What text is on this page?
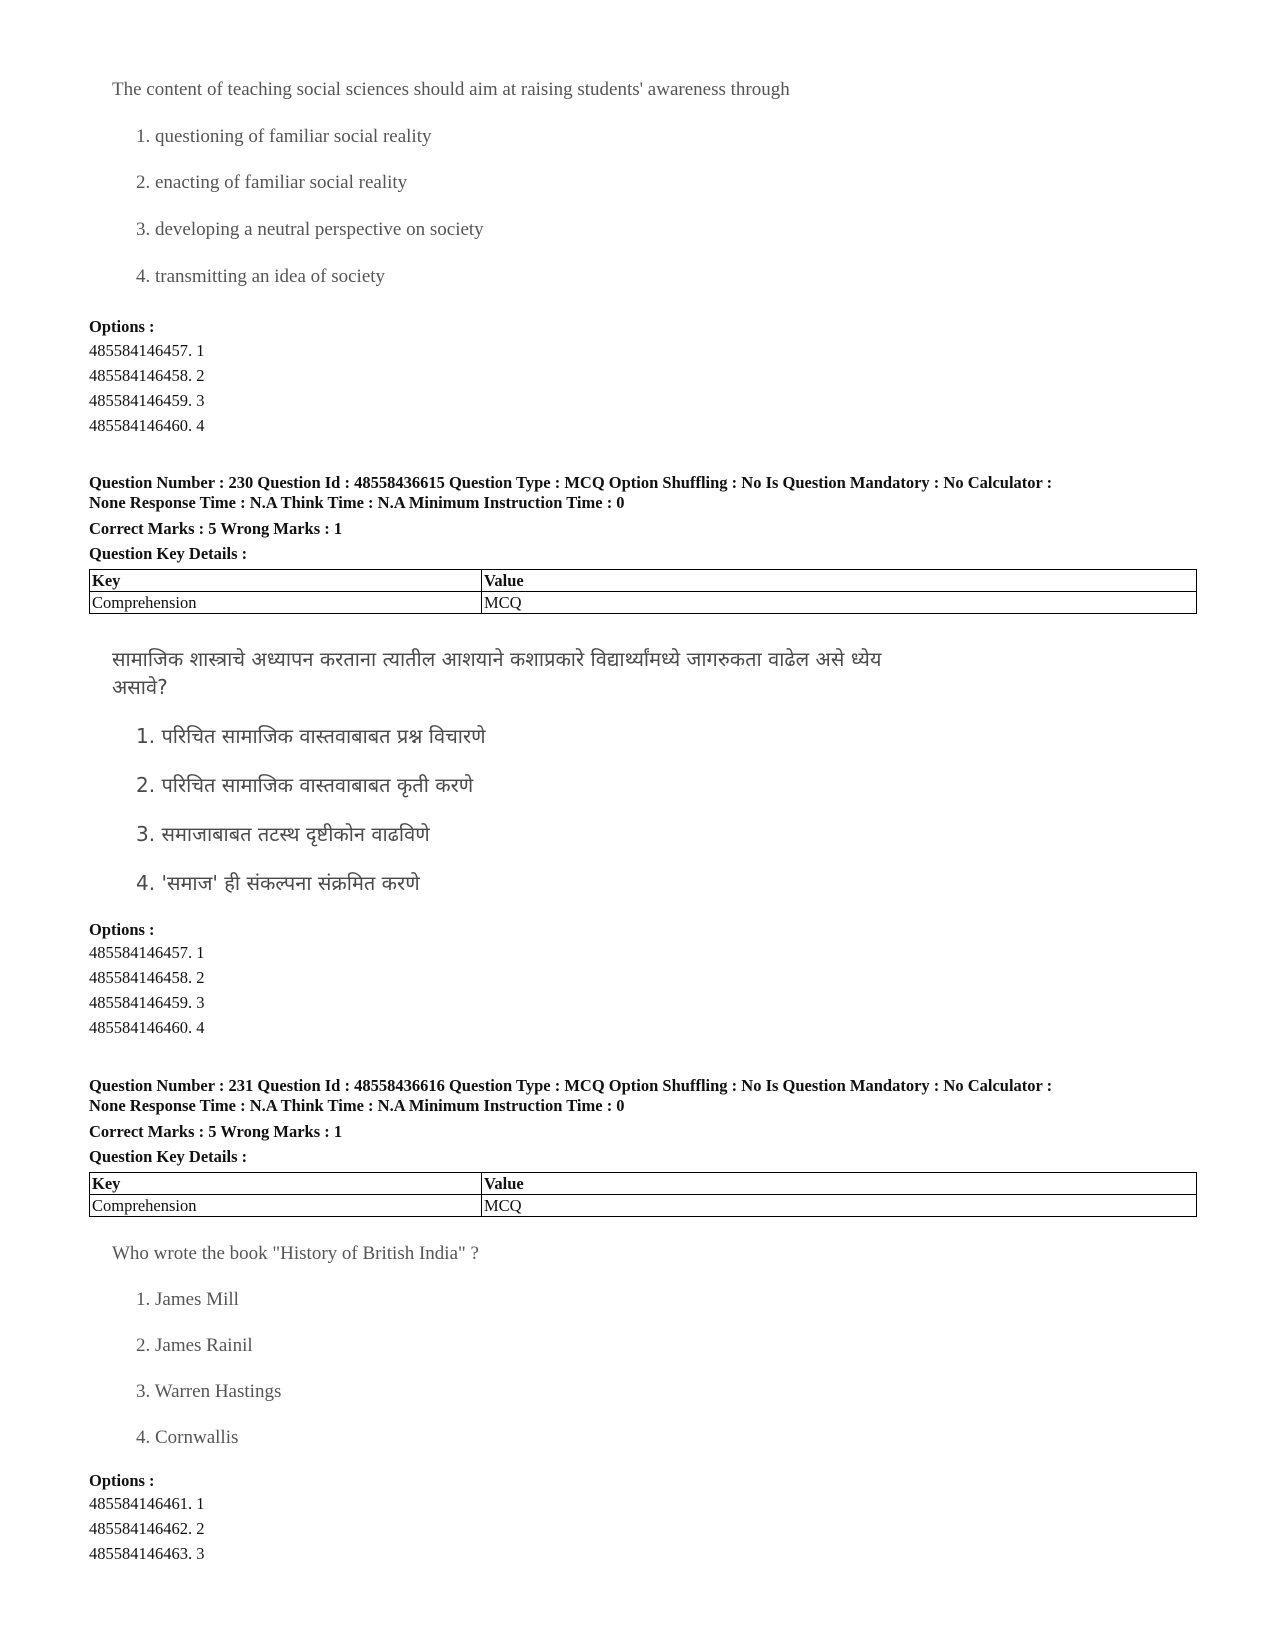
The content of teaching social sciences should aim at raising students' awareness through
1. questioning of familiar social reality
2. enacting of familiar social reality
3. developing a neutral perspective on society
4. transmitting an idea of society
Options :
485584146457. 1
485584146458. 2
485584146459. 3
485584146460. 4
Question Number : 230 Question Id : 48558436615 Question Type : MCQ Option Shuffling : No Is Question Mandatory : No Calculator :
None Response Time : N.A Think Time : N.A Minimum Instruction Time : 0
Correct Marks : 5 Wrong Marks : 1
Question Key Details :
Key	Value
Comprehension	MCQ
सामाजिक शास्त्राचे अध्यापन करताना त्यातील आशयाने कशाप्रकारे विद्यार्थ्यांमध्ये जागरुकता वाढेल असे ध्येय
असावे?
1. परिचित सामाजिक वास्तवाबाबत प्रश्न विचारणे
2. परिचित सामाजिक वास्तवाबाबत कृती करणे
3. समाजाबाबत तटस्थ दृष्टीकोन वाढविणे
4. 'समाज' ही संकल्पना संक्रमित करणे
Options :
485584146457. 1
485584146458. 2
485584146459. 3
485584146460. 4
Question Number : 231 Question Id : 48558436616 Question Type : MCQ Option Shuffling : No Is Question Mandatory : No Calculator :
None Response Time : N.A Think Time : N.A Minimum Instruction Time : 0
Correct Marks : 5 Wrong Marks : 1
Question Key Details :
Key	Value
Comprehension	MCQ
Who wrote the book "History of British India" ?
1. James Mill
2. James Rainil
3. Warren Hastings
4. Cornwallis
Options :
485584146461. 1
485584146462. 2
485584146463. 3
